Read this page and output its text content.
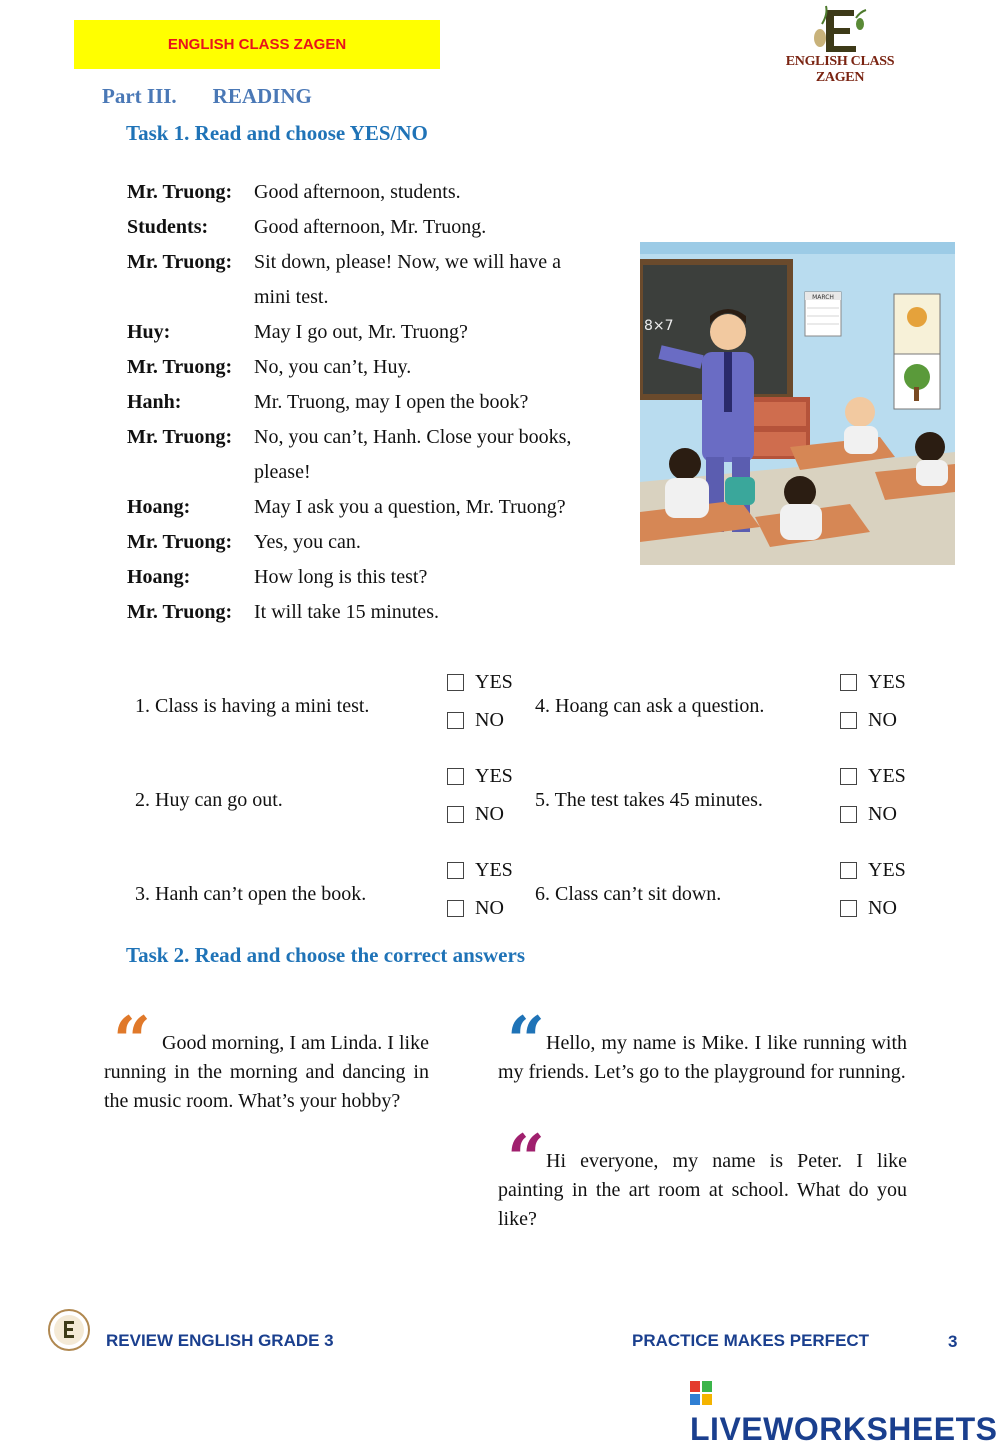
ENGLISH CLASS ZAGEN
ENGLISH CLASS ZAGEN
Part III. READING
Task 1. Read and choose YES/NO
Mr. Truong:	Good afternoon, students.
Students:	Good afternoon, Mr. Truong.
Mr. Truong:	Sit down, please! Now, we will have a
mini test.
Huy:	May I go out, Mr. Truong?
Mr. Truong:	No, you can’t, Huy.
Hanh:	Mr. Truong, may I open the book?
Mr. Truong:	No, you can’t, Hanh. Close your books,
please!
Hoang:	May I ask you a question, Mr. Truong?
Mr. Truong:	Yes, you can.
Hoang:	How long is this test?
Mr. Truong:	It will take 15 minutes.
8×7
MARCH
1. Class is having a mini test.
YES
NO
2. Huy can go out.
YES
NO
3. Hanh can’t open the book.
YES
NO
4. Hoang can ask a question.
YES
NO
5. The test takes 45 minutes.
YES
NO
6. Class can’t sit down.
YES
NO
Task 2. Read and choose the correct answers
“ Good morning, I am Linda. I like running in the morning and dancing in the music room. What’s your hobby?
“ Hello, my name is Mike. I like running with my friends. Let’s go to the playground for running.
“ Hi everyone, my name is Peter. I like painting in the art room at school. What do you like?
REVIEW ENGLISH GRADE 3	PRACTICE MAKES PERFECT	3
LIVEWORKSHEETS
